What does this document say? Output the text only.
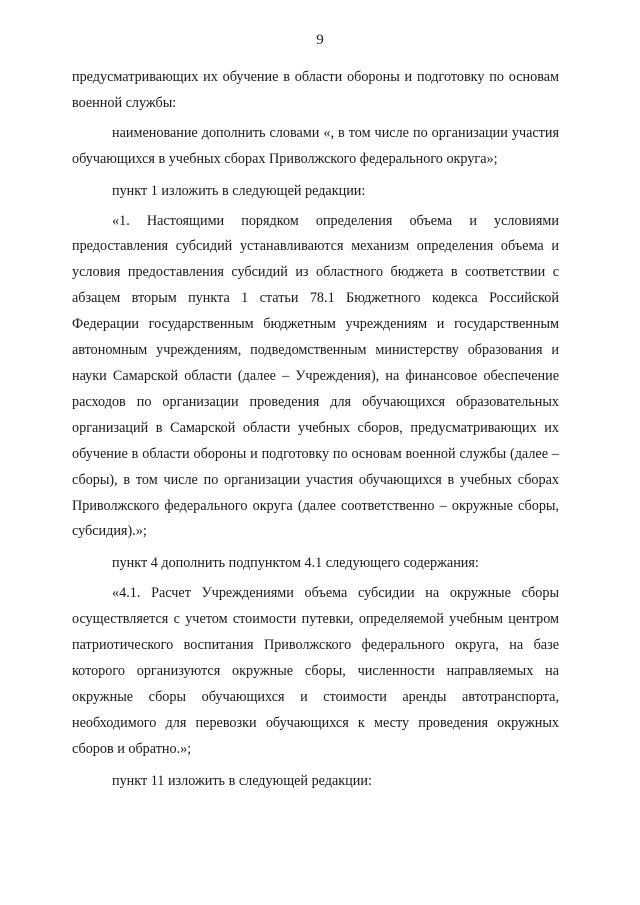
9

предусматривающих их обучение в области обороны и подготовку по основам военной службы:

наименование дополнить словами «, в том числе по организации участия обучающихся в учебных сборах Приволжского федерального округа»;

пункт 1 изложить в следующей редакции:

«1. Настоящими порядком определения объема и условиями предоставления субсидий устанавливаются механизм определения объема и условия предоставления субсидий из областного бюджета в соответствии с абзацем вторым пункта 1 статьи 78.1 Бюджетного кодекса Российской Федерации государственным бюджетным учреждениям и государственным автономным учреждениям, подведомственным министерству образования и науки Самарской области (далее – Учреждения), на финансовое обеспечение расходов по организации проведения для обучающихся образовательных организаций в Самарской области учебных сборов, предусматривающих их обучение в области обороны и подготовку по основам военной службы (далее – сборы), в том числе по организации участия обучающихся в учебных сборах Приволжского федерального округа (далее соответственно – окружные сборы, субсидия).»;

пункт 4 дополнить подпунктом 4.1 следующего содержания:

«4.1. Расчет Учреждениями объема субсидии на окружные сборы осуществляется с учетом стоимости путевки, определяемой учебным центром патриотического воспитания Приволжского федерального округа, на базе которого организуются окружные сборы, численности направляемых на окружные сборы обучающихся и стоимости аренды автотранспорта, необходимого для перевозки обучающихся к месту проведения окружных сборов и обратно.»;

пункт 11 изложить в следующей редакции:
